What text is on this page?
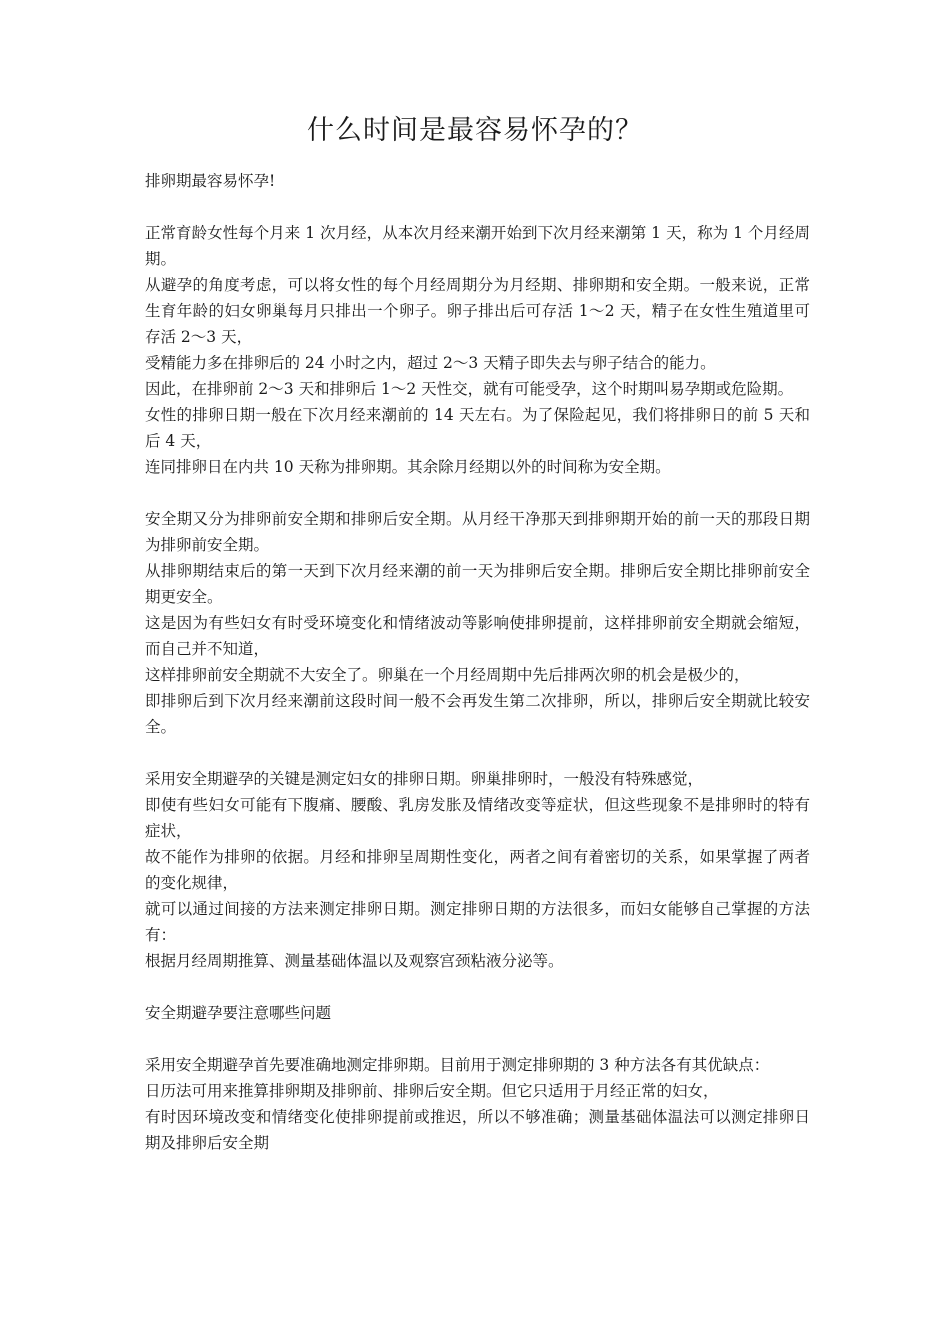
什么时间是最容易怀孕的？

排卵期最容易怀孕!

正常育龄女性每个月来 1 次月经，从本次月经来潮开始到下次月经来潮第 1 天，称为 1 个月经周期。

从避孕的角度考虑，可以将女性的每个月经周期分为月经期、排卵期和安全期。一般来说，正常生育年龄的妇女卵巢每月只排出一个卵子。卵子排出后可存活 1～2 天，精子在女性生殖道里可存活 2～3 天，

受精能力多在排卵后的 24 小时之内，超过 2～3 天精子即失去与卵子结合的能力。

因此，在排卵前 2～3 天和排卵后 1～2 天性交，就有可能受孕，这个时期叫易孕期或危险期。

女性的排卵日期一般在下次月经来潮前的 14 天左右。为了保险起见，我们将排卵日的前 5 天和后 4 天，

连同排卵日在内共 10 天称为排卵期。其余除月经期以外的时间称为安全期。

安全期又分为排卵前安全期和排卵后安全期。从月经干净那天到排卵期开始的前一天的那段日期为排卵前安全期。

从排卵期结束后的第一天到下次月经来潮的前一天为排卵后安全期。排卵后安全期比排卵前安全期更安全。

这是因为有些妇女有时受环境变化和情绪波动等影响使排卵提前，这样排卵前安全期就会缩短，而自己并不知道，

这样排卵前安全期就不大安全了。卵巢在一个月经周期中先后排两次卵的机会是极少的，

即排卵后到下次月经来潮前这段时间一般不会再发生第二次排卵，所以，排卵后安全期就比较安全。

采用安全期避孕的关键是测定妇女的排卵日期。卵巢排卵时，一般没有特殊感觉，

即使有些妇女可能有下腹痛、腰酸、乳房发胀及情绪改变等症状，但这些现象不是排卵时的特有症状，

故不能作为排卵的依据。月经和排卵呈周期性变化，两者之间有着密切的关系，如果掌握了两者的变化规律，

就可以通过间接的方法来测定排卵日期。测定排卵日期的方法很多，而妇女能够自己掌握的方法有：

根据月经周期推算、测量基础体温以及观察宫颈粘液分泌等。

安全期避孕要注意哪些问题

采用安全期避孕首先要准确地测定排卵期。目前用于测定排卵期的 3 种方法各有其优缺点：

日历法可用来推算排卵期及排卵前、排卵后安全期。但它只适用于月经正常的妇女，

有时因环境改变和情绪变化使排卵提前或推迟，所以不够准确；测量基础体温法可以测定排卵日期及排卵后安全期
